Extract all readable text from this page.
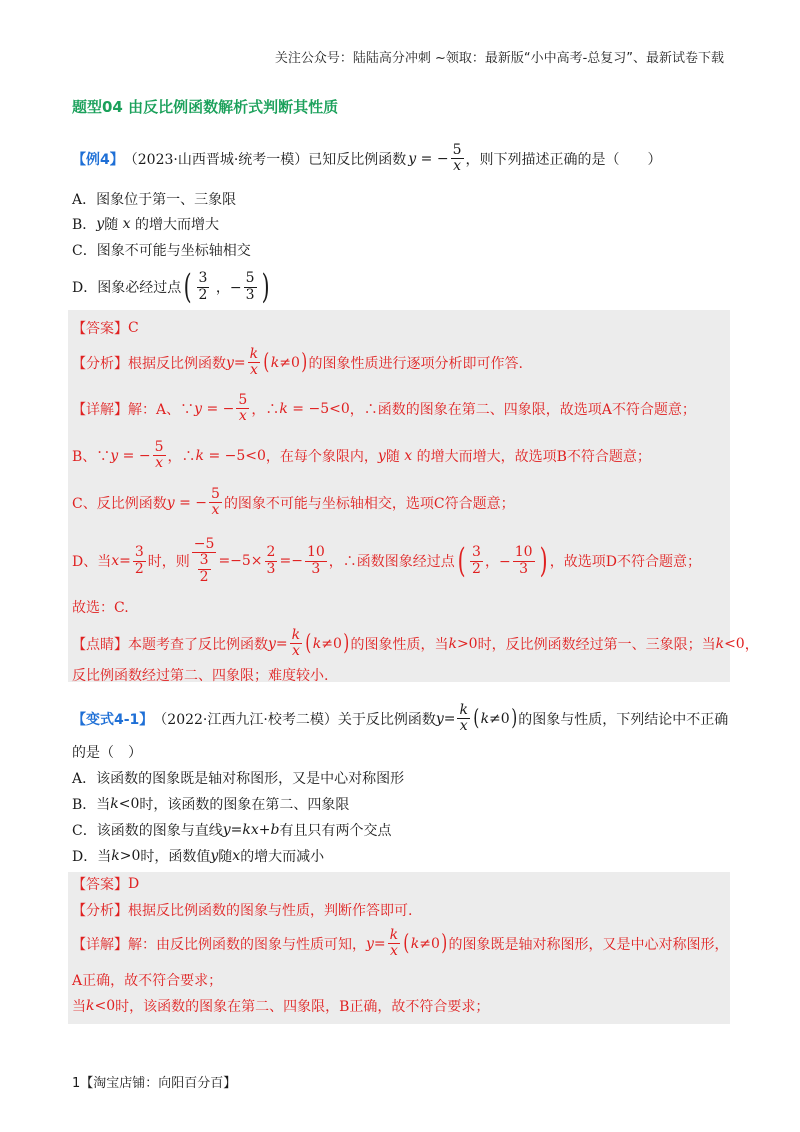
关注公众号：陆陆高分冲刺 ~领取：最新版“小中高考-总复习”、最新试卷下载
题型04 由反比例函数解析式判断其性质
【例4】 （2023·山西晋城·统考一模）已知反比例函数 y = − $\frac{5}{x}$ ，则下列描述正确的是（　　）
A．图象位于第一、三象限
B． y 随 x 的增大而增大
C．图象不可能与坐标轴相交
D．图象必经过点 ( $\frac{3}{2}$ ，− $\frac{5}{3}$ )
【答案】 C
【分析】 根据反比例函数 $y = \frac{k}{x}$ ( k ≠0 ) 的图象性质进行逐项分析即可作答.
【详解】 解：A、∵ y = − $\frac{5}{x}$ ，∴ k = −5<0 ，∴函数的图象在第二、四象限，故选项A不符合题意；
B、∵ y = − $\frac{5}{x}$ ，∴ k = −5<0 ，在每个象限内， y 随 x 的增大而增大，故选项B不符合题意；
C、反比例函数 y = − $\frac{5}{x}$ 的图象不可能与坐标轴相交，选项C符合题意；
D、当 $x = \frac{3}{2}$ 时，则 $\frac{-5}{\frac{3}{2}} =-5\times \frac{2}{3} =- \frac{10}{3}$ ，∴函数图象经过点 ( $\frac{3}{2}$ ，− $\frac{10}{3}$ ) ，故选项D不符合题意；
故选：C.
【点睛】 本题考查了反比例函数 $y = \frac{k}{x}$ ( k ≠0 ) 的图象性质，当 k >0 时，反比例函数经过第一、三象限；当 k <0 ，
反比例函数经过第二、四象限；难度较小.
【变式4-1】 （2022·江西九江·校考二模）关于反比例函数 $y = \frac{k}{x}$ ( k ≠0 ) 的图象与性质，下列结论中不正确
的是（　）
A．该函数的图象既是轴对称图形，又是中心对称图形
B．当 k <0 时，该函数的图象在第二、四象限
C．该函数的图象与直线 y = kx + b 有且只有两个交点
D．当 k >0 时，函数值 y 随 x 的增大而减小
【答案】 D
【分析】 根据反比例函数的图象与性质，判断作答即可.
【详解】 解：由反比例函数的图象与性质可知， $y = \frac{k}{x}$ ( k ≠0 ) 的图象既是轴对称图形，又是中心对称图形，
A正确，故不符合要求；
当 k <0 时，该函数的图象在第二、四象限，B正确，故不符合要求；
1【淘宝店铺：向阳百分百】
